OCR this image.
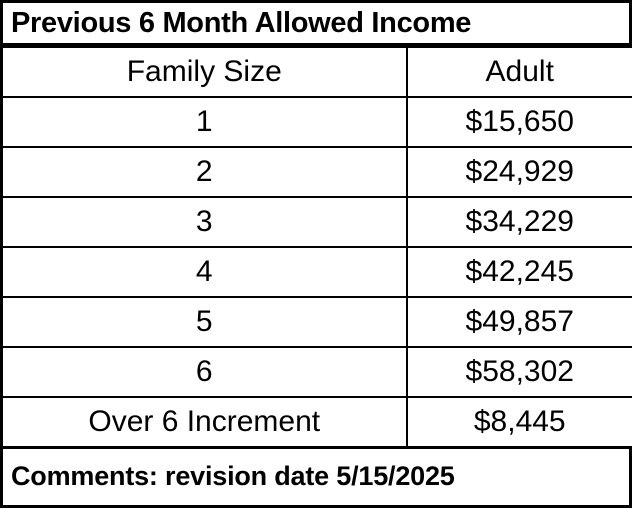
Previous 6 Month Allowed Income
Family Size	Adult
1	$15,650
2	$24,929
3	$34,229
4	$42,245
5	$49,857
6	$58,302
Over 6 Increment	$8,445
Comments: revision date 5/15/2025
